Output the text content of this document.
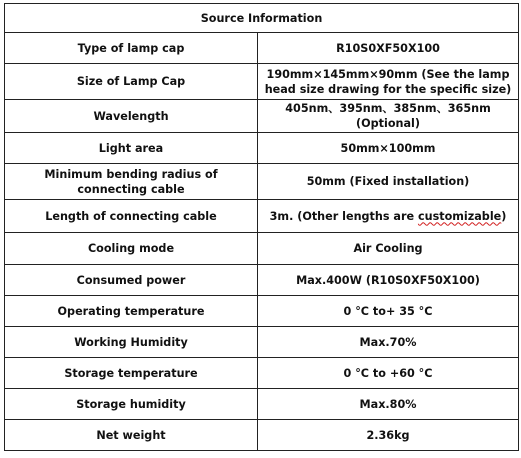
Source Information	
Type of lamp cap	R10S0XF50X100
Size of Lamp Cap	190mm×145mm×90mm (See the lamp head size drawing for the specific size)
Wavelength	405nm、395nm、385nm、365nm (Optional)
Light area	50mm×100mm
Minimum bending radius of connecting cable	50mm (Fixed installation)
Length of connecting cable	3m. (Other lengths are customizable)
Cooling mode	Air Cooling
Consumed power	Max.400W (R10S0XF50X100)
Operating temperature	0 °C to+ 35 °C
Working Humidity	Max.70%
Storage temperature	0 °C to +60 °C
Storage humidity	Max.80%
Net weight	2.36kg
